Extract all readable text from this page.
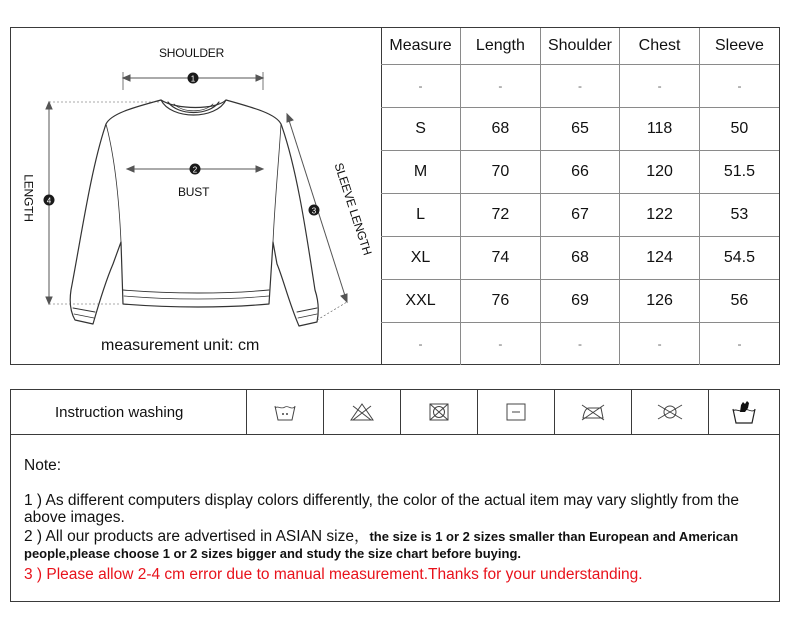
1
2
3
4
SHOULDER
BUST
LENGTH	SLEEVE LENGTH
measurement unit: cm
Measure	Length	Shoulder	Chest	Sleeve
-	-	-	-	-
S	68	65	118	50
M	70	66	120	51.5
L	72	67	122	53
XL	74	68	124	54.5
XXL	76	69	126	56
-	-	-	-	-
Instruction washing

Note:

1 ) As different computers display colors differently, the color of the actual item may vary slightly from the above images.

2 ) All our products are advertised in ASIAN size，the size is 1 or 2 sizes smaller than European and American people,please choose 1 or 2 sizes bigger and study the size chart before buying.

3 ) Please allow 2-4 cm error due to manual measurement.Thanks for your understanding.
